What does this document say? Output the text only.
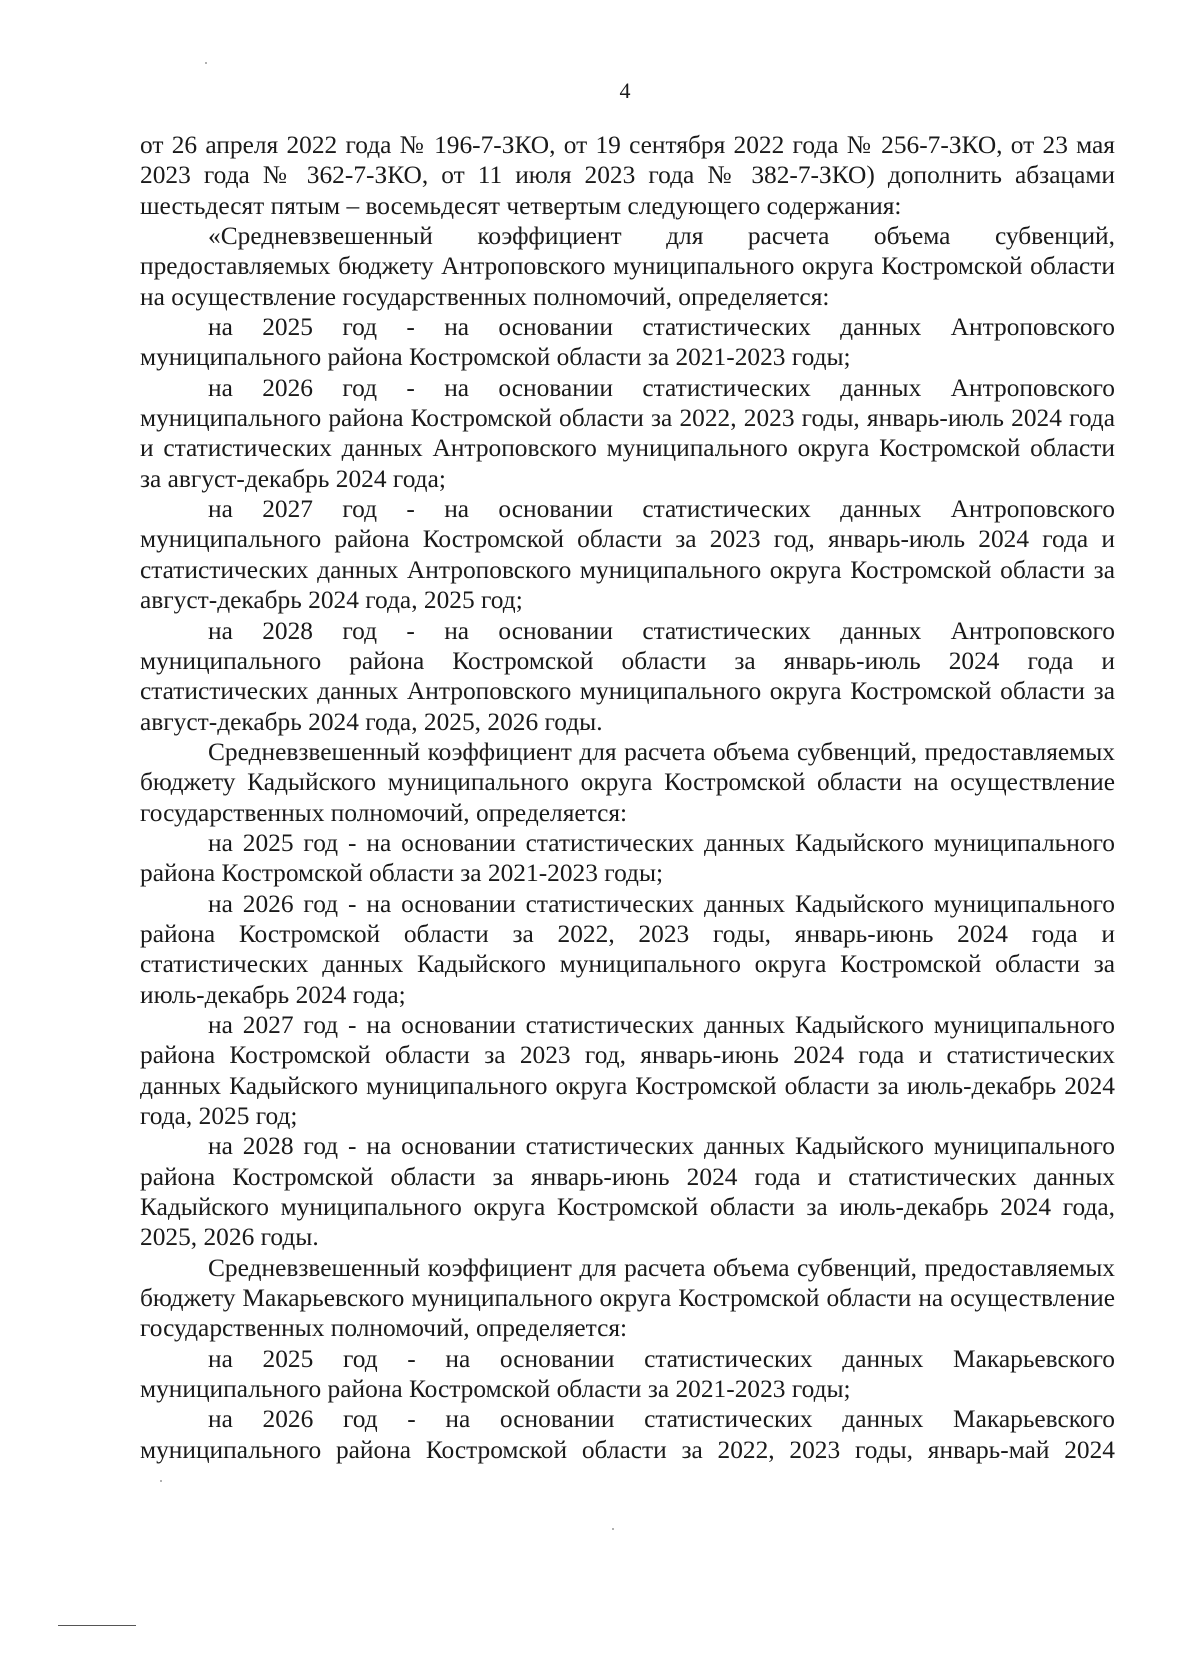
4

от 26 апреля 2022 года № 196-7-ЗКО, от 19 сентября 2022 года № 256-7-ЗКО, от 23 мая 2023 года № 362-7-ЗКО, от 11 июля 2023 года № 382-7-ЗКО) дополнить абзацами шестьдесят пятым – восемьдесят четвертым следующего содержания:

«Средневзвешенный коэффициент для расчета объема субвенций, предоставляемых бюджету Антроповского муниципального округа Костромской области на осуществление государственных полномочий, определяется:

на 2025 год - на основании статистических данных Антроповского муниципального района Костромской области за 2021-2023 годы;

на 2026 год - на основании статистических данных Антроповского муниципального района Костромской области за 2022, 2023 годы, январь-июль 2024 года и статистических данных Антроповского муниципального округа Костромской области за август-декабрь 2024 года;

на 2027 год - на основании статистических данных Антроповского муниципального района Костромской области за 2023 год, январь-июль 2024 года и статистических данных Антроповского муниципального округа Костромской области за август-декабрь 2024 года, 2025 год;

на 2028 год - на основании статистических данных Антроповского муниципального района Костромской области за январь-июль 2024 года и статистических данных Антроповского муниципального округа Костромской области за август-декабрь 2024 года, 2025, 2026 годы.

Средневзвешенный коэффициент для расчета объема субвенций, предоставляемых бюджету Кадыйского муниципального округа Костромской области на осуществление государственных полномочий, определяется:

на 2025 год - на основании статистических данных Кадыйского муниципального района Костромской области за 2021-2023 годы;

на 2026 год - на основании статистических данных Кадыйского муниципального района Костромской области за 2022, 2023 годы, январь-июнь 2024 года и статистических данных Кадыйского муниципального округа Костромской области за июль-декабрь 2024 года;

на 2027 год - на основании статистических данных Кадыйского муниципального района Костромской области за 2023 год, январь-июнь 2024 года и статистических данных Кадыйского муниципального округа Костромской области за июль-декабрь 2024 года, 2025 год;

на 2028 год - на основании статистических данных Кадыйского муниципального района Костромской области за январь-июнь 2024 года и статистических данных Кадыйского муниципального округа Костромской области за июль-декабрь 2024 года, 2025, 2026 годы.

Средневзвешенный коэффициент для расчета объема субвенций, предоставляемых бюджету Макарьевского муниципального округа Костромской области на осуществление государственных полномочий, определяется:

на 2025 год - на основании статистических данных Макарьевского муниципального района Костромской области за 2021-2023 годы;

на 2026 год - на основании статистических данных Макарьевского муниципального района Костромской области за 2022, 2023 годы, январь-май 2024
